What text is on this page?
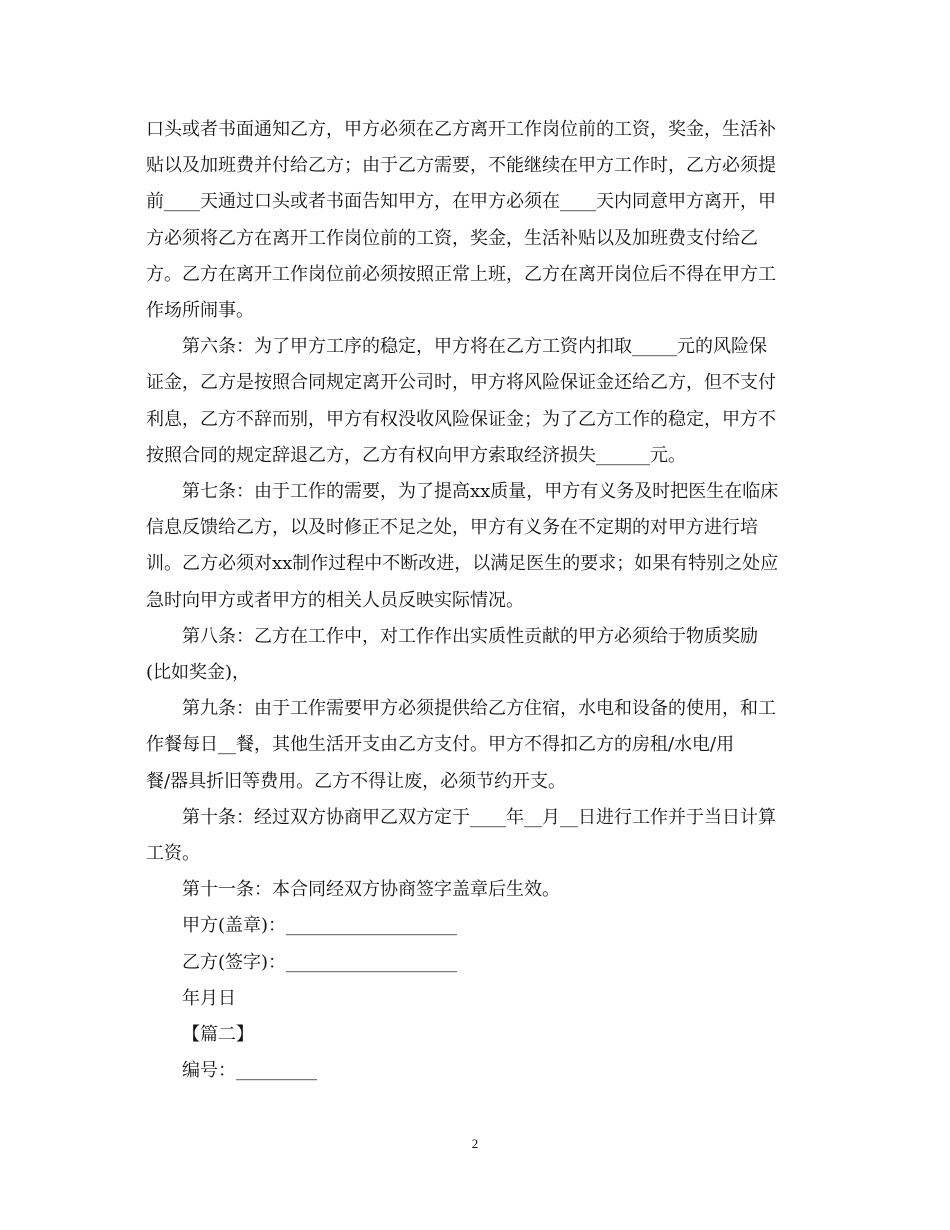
口头或者书面通知乙方，甲方必须在乙方离开工作岗位前的工资，奖金，生活补
贴以及加班费并付给乙方；由于乙方需要，不能继续在甲方工作时，乙方必须提
前____天通过口头或者书面告知甲方，在甲方必须在____天内同意甲方离开，甲
方必须将乙方在离开工作岗位前的工资，奖金，生活补贴以及加班费支付给乙
方。乙方在离开工作岗位前必须按照正常上班，乙方在离开岗位后不得在甲方工
作场所闹事。

第六条：为了甲方工序的稳定，甲方将在乙方工资内扣取_____元的风险保
证金，乙方是按照合同规定离开公司时，甲方将风险保证金还给乙方，但不支付
利息，乙方不辞而别，甲方有权没收风险保证金；为了乙方工作的稳定，甲方不
按照合同的规定辞退乙方，乙方有权向甲方索取经济损失______元。

第七条：由于工作的需要，为了提高xx质量，甲方有义务及时把医生在临床
信息反馈给乙方，以及时修正不足之处，甲方有义务在不定期的对甲方进行培
训。乙方必须对xx制作过程中不断改进，以满足医生的要求；如果有特别之处应
急时向甲方或者甲方的相关人员反映实际情况。

第八条：乙方在工作中，对工作作出实质性贡献的甲方必须给于物质奖励
(比如奖金)，

第九条：由于工作需要甲方必须提供给乙方住宿，水电和设备的使用，和工
作餐每日__餐，其他生活开支由乙方支付。甲方不得扣乙方的房租/水电/用
餐/器具折旧等费用。乙方不得让废，必须节约开支。

第十条：经过双方协商甲乙双方定于____年__月__日进行工作并于当日计算
工资。

第十一条：本合同经双方协商签字盖章后生效。

甲方(盖章)：___________________

乙方(签字)：___________________

年月日

【篇二】

编号：_________

2
